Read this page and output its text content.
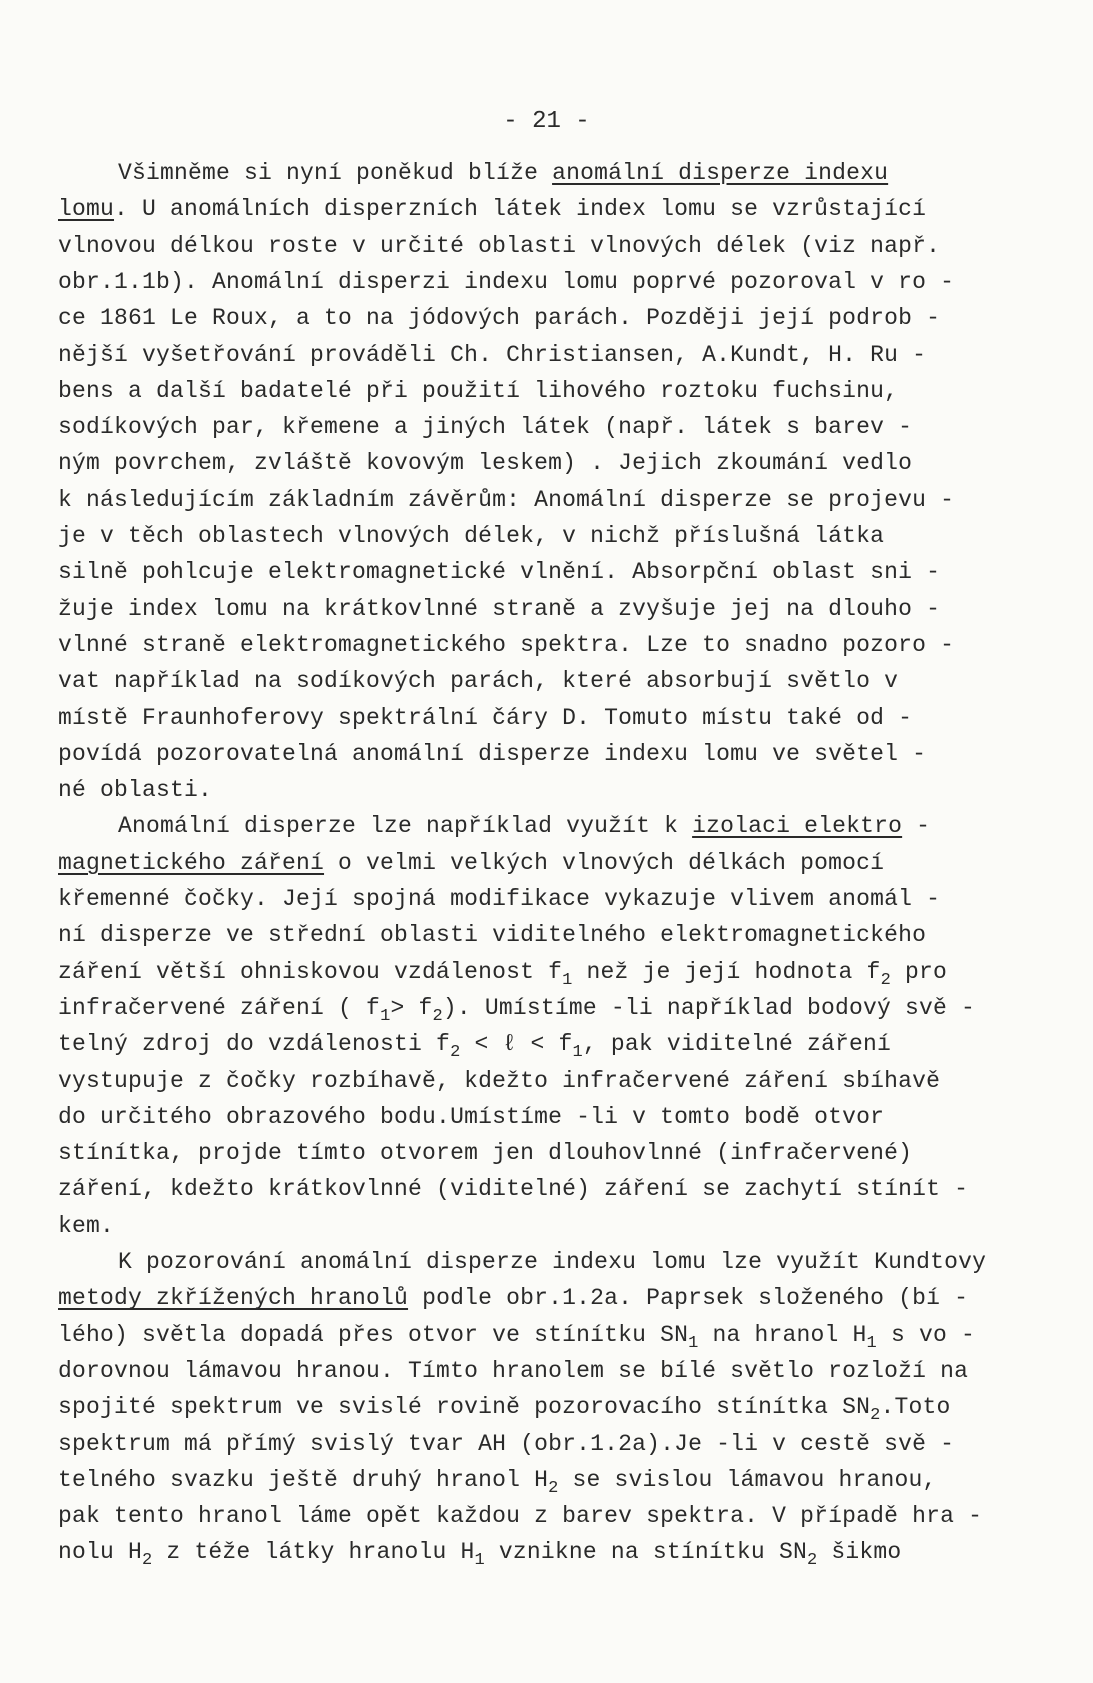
- 21 -
Všimněme si nyní poněkud blíže anomální disperze indexu
lomu. U anomálních disperzních látek index lomu se vzrůstající
vlnovou délkou roste v určité oblasti vlnových délek (viz např.
obr.1.1b). Anomální disperzi indexu lomu poprvé pozoroval v ro -
ce 1861 Le Roux, a to na jódových parách. Později její podrob -
nější vyšetřování prováděli Ch. Christiansen, A.Kundt, H. Ru -
bens a další badatelé při použití lihového roztoku fuchsinu,
sodíkových par, křemene a jiných látek (např. látek s barev -
ným povrchem, zvláště kovovým leskem) . Jejich zkoumání vedlo
k následujícím základním závěrům: Anomální disperze se projevu -
je v těch oblastech vlnových délek, v nichž příslušná látka
silně pohlcuje elektromagnetické vlnění. Absorpční oblast sni -
žuje index lomu na krátkovlnné straně a zvyšuje jej na dlouho -
vlnné straně elektromagnetického spektra. Lze to snadno pozoro -
vat například na sodíkových parách, které absorbují světlo v
místě Fraunhoferovy spektrální čáry D. Tomuto místu také od -
povídá pozorovatelná anomální disperze indexu lomu ve světel -
né oblasti.
Anomální disperze lze například využít k izolaci elektro -
magnetického záření o velmi velkých vlnových délkách pomocí
křemenné čočky. Její spojná modifikace vykazuje vlivem anomál -
ní disperze ve střední oblasti viditelného elektromagnetického
záření větší ohniskovou vzdálenost $f_1$ než je její hodnota $f_2$ pro
infračervené záření ( $f_1> f_2$). Umístíme -li například bodový svě -
telný zdroj do vzdálenosti $f_2$ < ℓ < $f_1$, pak viditelné záření
vystupuje z čočky rozbíhavě, kdežto infračervené záření sbíhavě
do určitého obrazového bodu.Umístíme -li v tomto bodě otvor
stínítka, projde tímto otvorem jen dlouhovlnné (infračervené)
záření, kdežto krátkovlnné (viditelné) záření se zachytí stínít -
kem.
K pozorování anomální disperze indexu lomu lze využít Kundtovy
metody zkřížených hranolů podle obr.1.2a. Paprsek složeného (bí -
lého) světla dopadá přes otvor ve stínítku $SN_1$ na hranol $H_1$ s vo -
dorovnou lámavou hranou. Tímto hranolem se bílé světlo rozloží na
spojité spektrum ve svislé rovině pozorovacího stínítka $SN_2.Toto$
spektrum má přímý svislý tvar AH (obr.1.2a).Je -li v cestě svě -
telného svazku ještě druhý hranol $H_2$ se svislou lámavou hranou,
pak tento hranol láme opět každou z barev spektra. V případě hra -
nolu $H_2$ z téže látky hranolu $H_1$ vznikne na stínítku $SN_2$ šikmo
